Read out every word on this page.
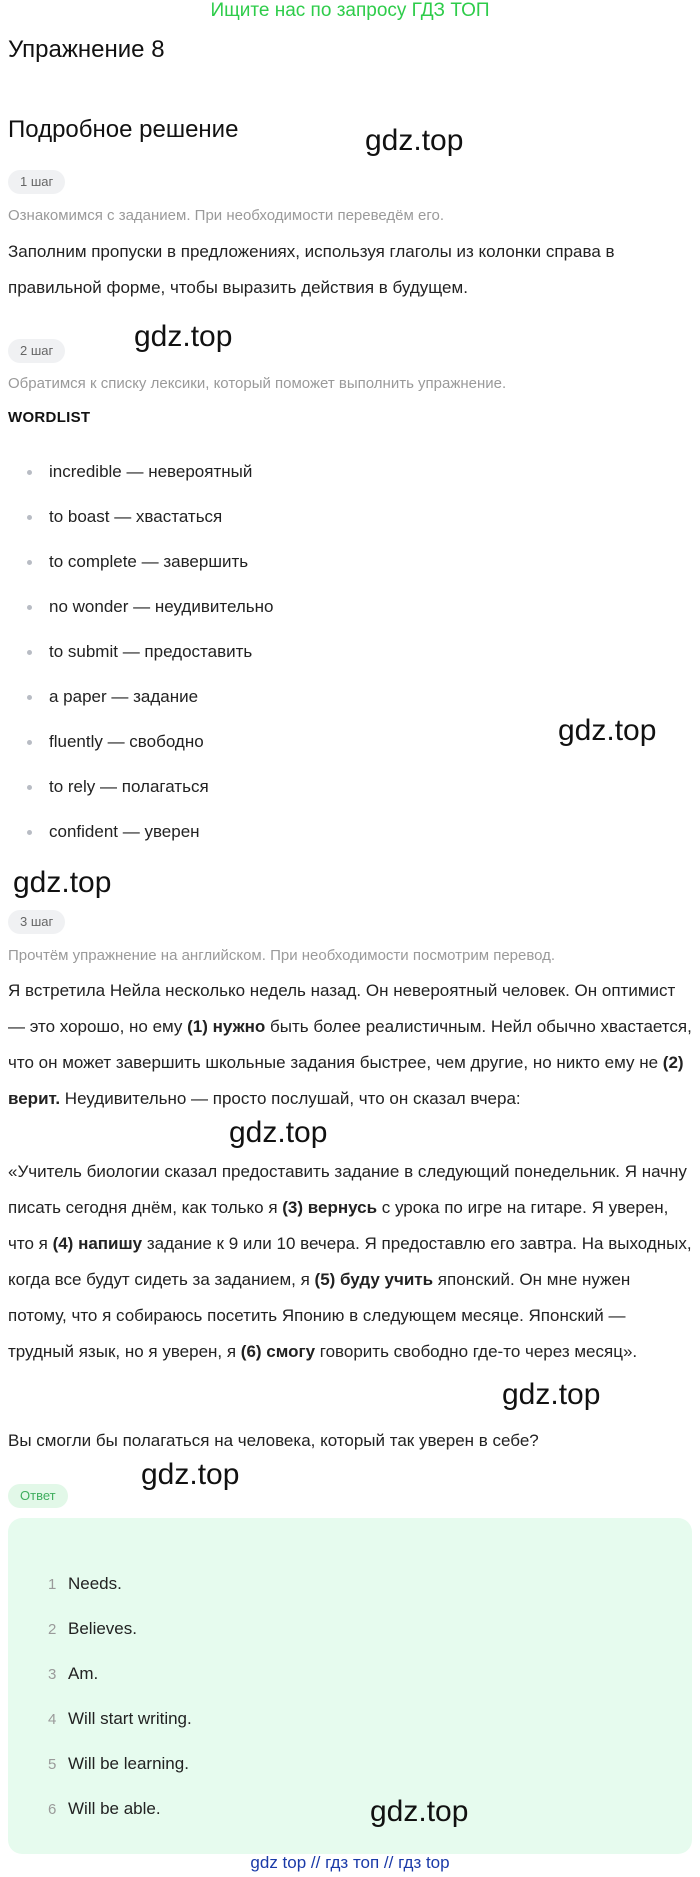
Ищите нас по запросу ГДЗ ТОП
Упражнение 8
Подробное решение
1 шаг

Ознакомимся с заданием. При необходимости переведём его.

Заполним пропуски в предложениях, используя глаголы из колонки справа в правильной форме, чтобы выразить действия в будущем.

2 шаг

Обратимся к списку лексики, который поможет выполнить упражнение.

WORDLIST
incredible — невероятный
to boast — хвастаться
to complete — завершить
no wonder — неудивительно
to submit — предоставить
a paper — задание
fluently — свободно
to rely — полагаться
confident — уверен
3 шаг

Прочтём упражнение на английском. При необходимости посмотрим перевод.

Я встретила Нейла несколько недель назад. Он невероятный человек. Он оптимист — это хорошо, но ему (1) нужно быть более реалистичным. Нейл обычно хвастается, что он может завершить школьные задания быстрее, чем другие, но никто ему не (2) верит. Неудивительно — просто послушай, что он сказал вчера:

«Учитель биологии сказал предоставить задание в следующий понедельник. Я начну писать сегодня днём, как только я (3) вернусь с урока по игре на гитаре. Я уверен, что я (4) напишу задание к 9 или 10 вечера. Я предоставлю его завтра. На выходных, когда все будут сидеть за заданием, я (5) буду учить японский. Он мне нужен потому, что я собираюсь посетить Японию в следующем месяце. Японский — трудный язык, но я уверен, я (6) смогу говорить свободно где-то через месяц».

Вы смогли бы полагаться на человека, который так уверен в себе?

Ответ
1 Needs.
2 Believes.
3 Am.
4 Will start writing.
5 Will be learning.
6 Will be able.
gdz.top
gdz.top
gdz.top
gdz.top
gdz.top
gdz.top
gdz.top
gdz.top
gdz top // гдз топ // гдз top
